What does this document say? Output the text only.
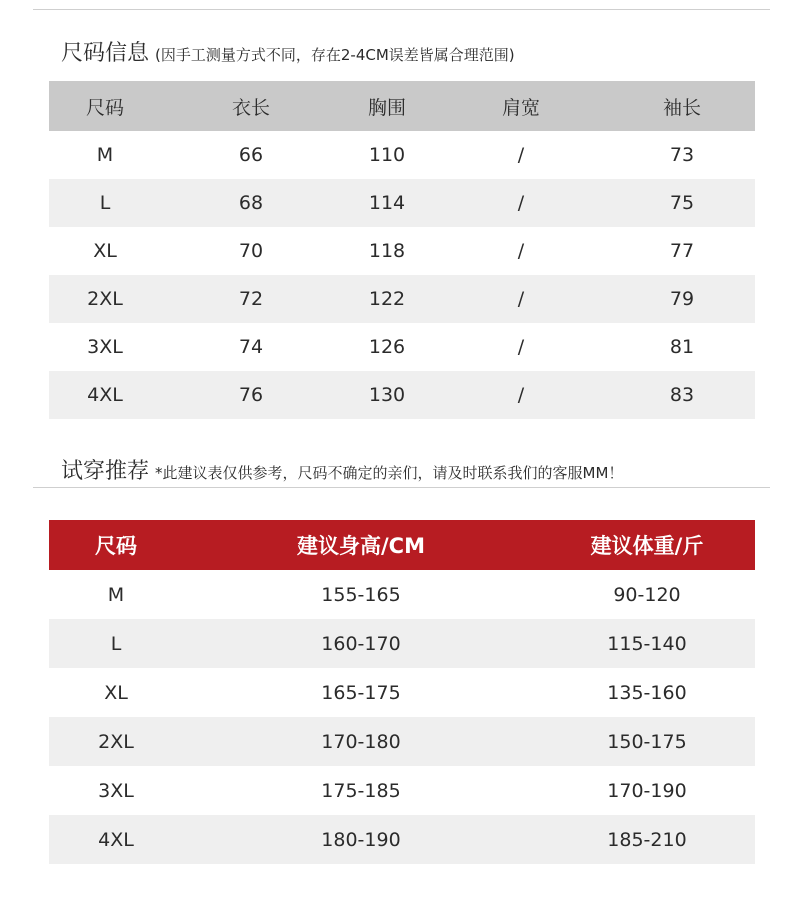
尺码信息 (因手工测量方式不同，存在2-4CM误差皆属合理范围)
尺码	衣长	胸围	肩宽	袖长
M	66	110	/	73
L	68	114	/	75
XL	70	118	/	77
2XL	72	122	/	79
3XL	74	126	/	81
4XL	76	130	/	83
试穿推荐 *此建议表仅供参考，尺码不确定的亲们，请及时联系我们的客服MM！
尺码	建议身高/CM	建议体重/斤
M	155-165	90-120
L	160-170	115-140
XL	165-175	135-160
2XL	170-180	150-175
3XL	175-185	170-190
4XL	180-190	185-210
